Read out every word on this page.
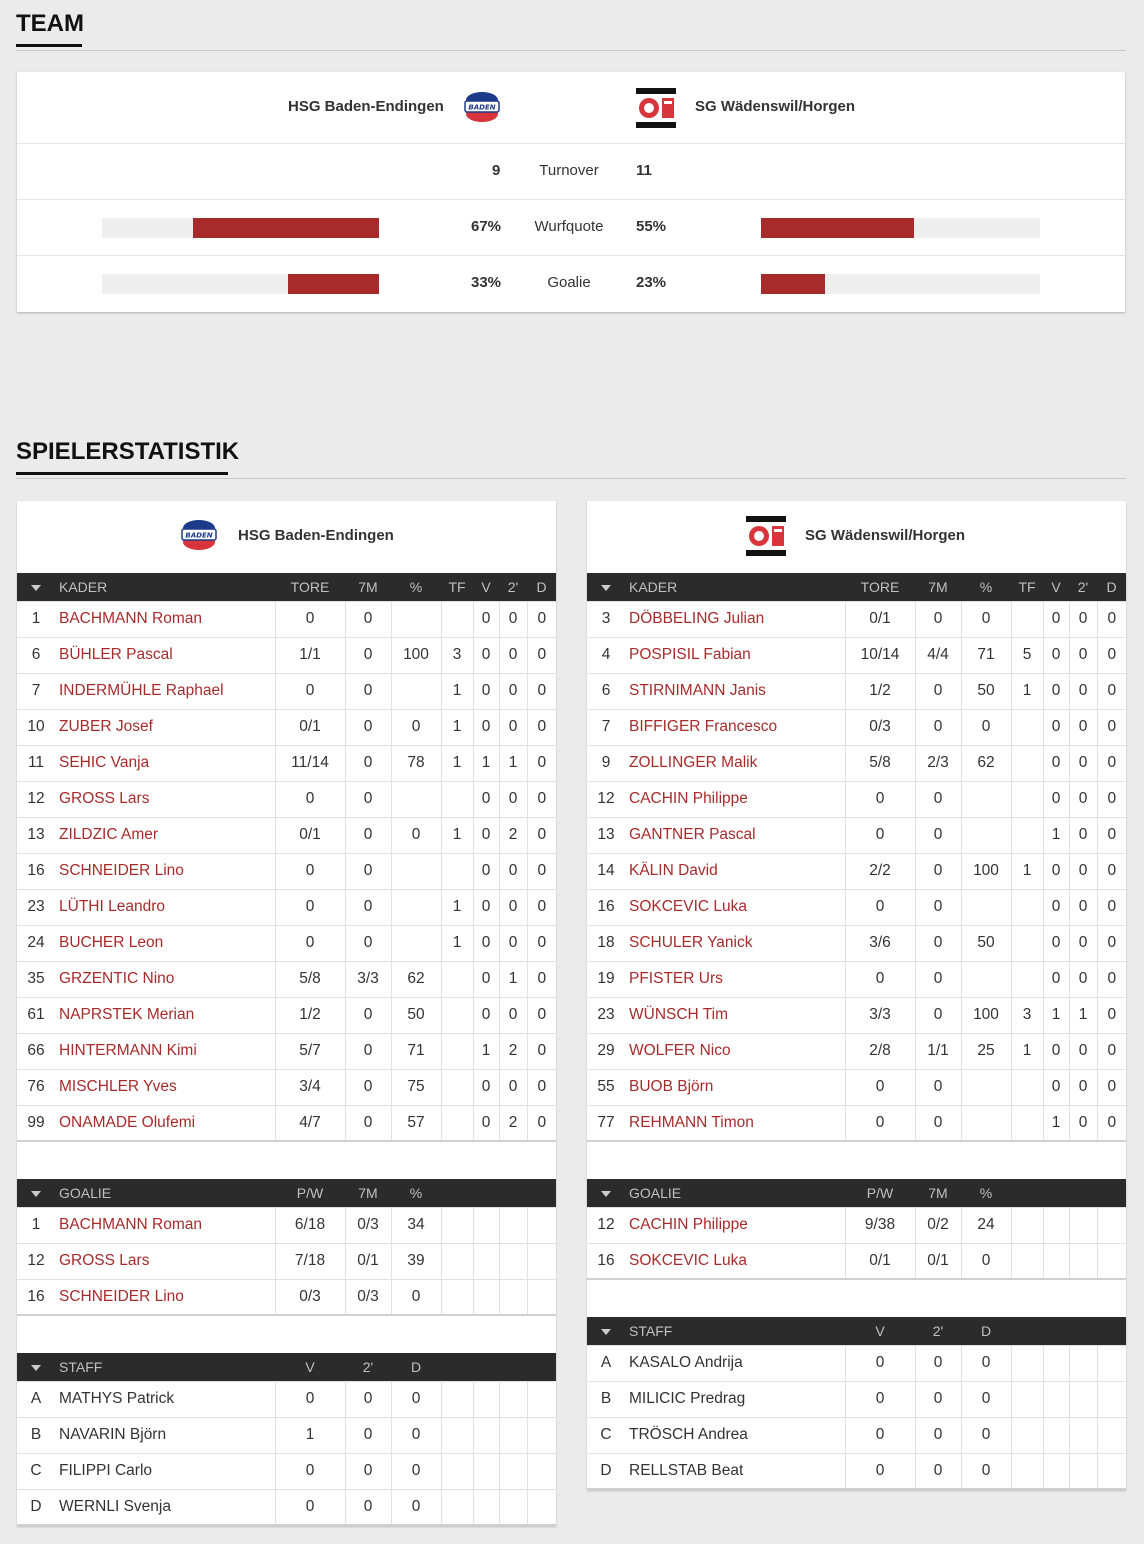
TEAM
HSG Baden-Endingen	BADEN	SG Wädenswil/Horgen
9	Turnover	11
67%	Wurfquote	55%
33%	Goalie	23%
SPIELERSTATISTIK
BADEN HSG Baden-Endingen
	KADER	TORE	7M	%	TF	V	2'	D
1	BACHMANN Roman	0	0			0	0	0
6	BÜHLER Pascal	1/1	0	100	3	0	0	0
7	INDERMÜHLE Raphael	0	0		1	0	0	0
10	ZUBER Josef	0/1	0	0	1	0	0	0
11	SEHIC Vanja	11/14	0	78	1	1	1	0
12	GROSS Lars	0	0			0	0	0
13	ZILDZIC Amer	0/1	0	0	1	0	2	0
16	SCHNEIDER Lino	0	0			0	0	0
23	LÜTHI Leandro	0	0		1	0	0	0
24	BUCHER Leon	0	0		1	0	0	0
35	GRZENTIC Nino	5/8	3/3	62		0	1	0
61	NAPRSTEK Merian	1/2	0	50		0	0	0
66	HINTERMANN Kimi	5/7	0	71		1	2	0
76	MISCHLER Yves	3/4	0	75		0	0	0
99	ONAMADE Olufemi	4/7	0	57		0	2	0
	GOALIE	P/W	7M	%				
1	BACHMANN Roman	6/18	0/3	34				
12	GROSS Lars	7/18	0/1	39				
16	SCHNEIDER Lino	0/3	0/3	0				
	STAFF	V	2'	D				
A	MATHYS Patrick	0	0	0				
B	NAVARIN Björn	1	0	0				
C	FILIPPI Carlo	0	0	0				
D	WERNLI Svenja	0	0	0				
SG Wädenswil/Horgen
	KADER	TORE	7M	%	TF	V	2'	D
3	DÖBBELING Julian	0/1	0	0		0	0	0
4	POSPISIL Fabian	10/14	4/4	71	5	0	0	0
6	STIRNIMANN Janis	1/2	0	50	1	0	0	0
7	BIFFIGER Francesco	0/3	0	0		0	0	0
9	ZOLLINGER Malik	5/8	2/3	62		0	0	0
12	CACHIN Philippe	0	0			0	0	0
13	GANTNER Pascal	0	0			1	0	0
14	KÄLIN David	2/2	0	100	1	0	0	0
16	SOKCEVIC Luka	0	0			0	0	0
18	SCHULER Yanick	3/6	0	50		0	0	0
19	PFISTER Urs	0	0			0	0	0
23	WÜNSCH Tim	3/3	0	100	3	1	1	0
29	WOLFER Nico	2/8	1/1	25	1	0	0	0
55	BUOB Björn	0	0			0	0	0
77	REHMANN Timon	0	0			1	0	0
	GOALIE	P/W	7M	%				
12	CACHIN Philippe	9/38	0/2	24				
16	SOKCEVIC Luka	0/1	0/1	0				
	STAFF	V	2'	D				
A	KASALO Andrija	0	0	0				
B	MILICIC Predrag	0	0	0				
C	TRÖSCH Andrea	0	0	0				
D	RELLSTAB Beat	0	0	0				
